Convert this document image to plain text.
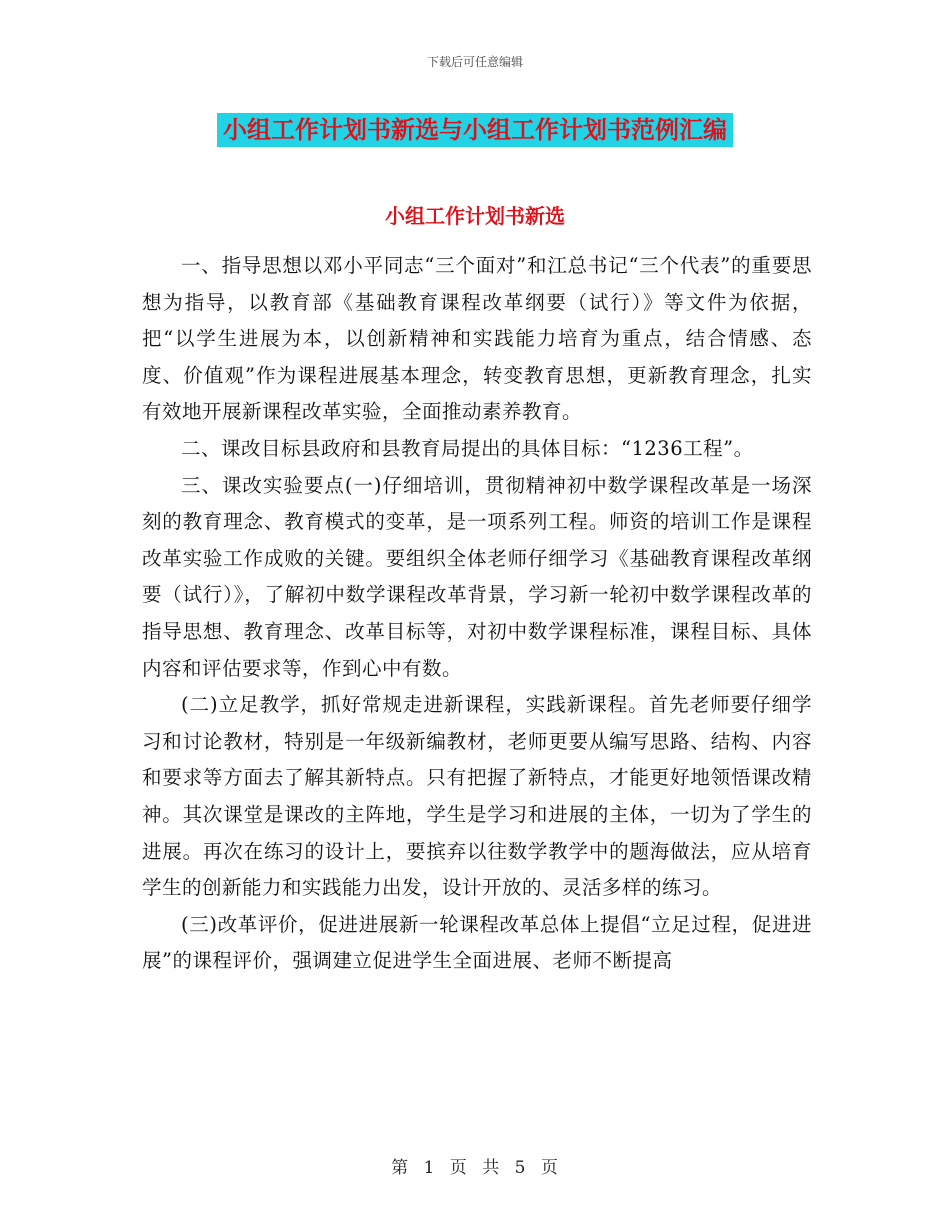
下载后可任意编辑
小组工作计划书新选与小组工作计划书范例汇编
小组工作计划书新选

一、指导思想以邓小平同志“三个面对”和江总书记“三个代表”的重要思想为指导，以教育部《基础教育课程改革纲要（试行）》等文件为依据，把“以学生进展为本，以创新精神和实践能力培育为重点，结合情感、态度、价值观”作为课程进展基本理念，转变教育思想，更新教育理念，扎实有效地开展新课程改革实验，全面推动素养教育。

二、课改目标县政府和县教育局提出的具体目标：“1236工程”。

三、课改实验要点(一)仔细培训，贯彻精神初中数学课程改革是一场深刻的教育理念、教育模式的变革，是一项系列工程。师资的培训工作是课程改革实验工作成败的关键。要组织全体老师仔细学习《基础教育课程改革纲要（试行）》，了解初中数学课程改革背景，学习新一轮初中数学课程改革的指导思想、教育理念、改革目标等，对初中数学课程标准，课程目标、具体内容和评估要求等，作到心中有数。

(二)立足教学，抓好常规走进新课程，实践新课程。首先老师要仔细学习和讨论教材，特别是一年级新编教材，老师更要从编写思路、结构、内容和要求等方面去了解其新特点。只有把握了新特点，才能更好地领悟课改精神。其次课堂是课改的主阵地，学生是学习和进展的主体，一切为了学生的进展。再次在练习的设计上，要摈弃以往数学教学中的题海做法，应从培育学生的创新能力和实践能力出发，设计开放的、灵活多样的练习。

(三)改革评价，促进进展新一轮课程改革总体上提倡“立足过程，促进进展”的课程评价，强调建立促进学生全面进展、老师不断提高

第 1 页 共 5 页
